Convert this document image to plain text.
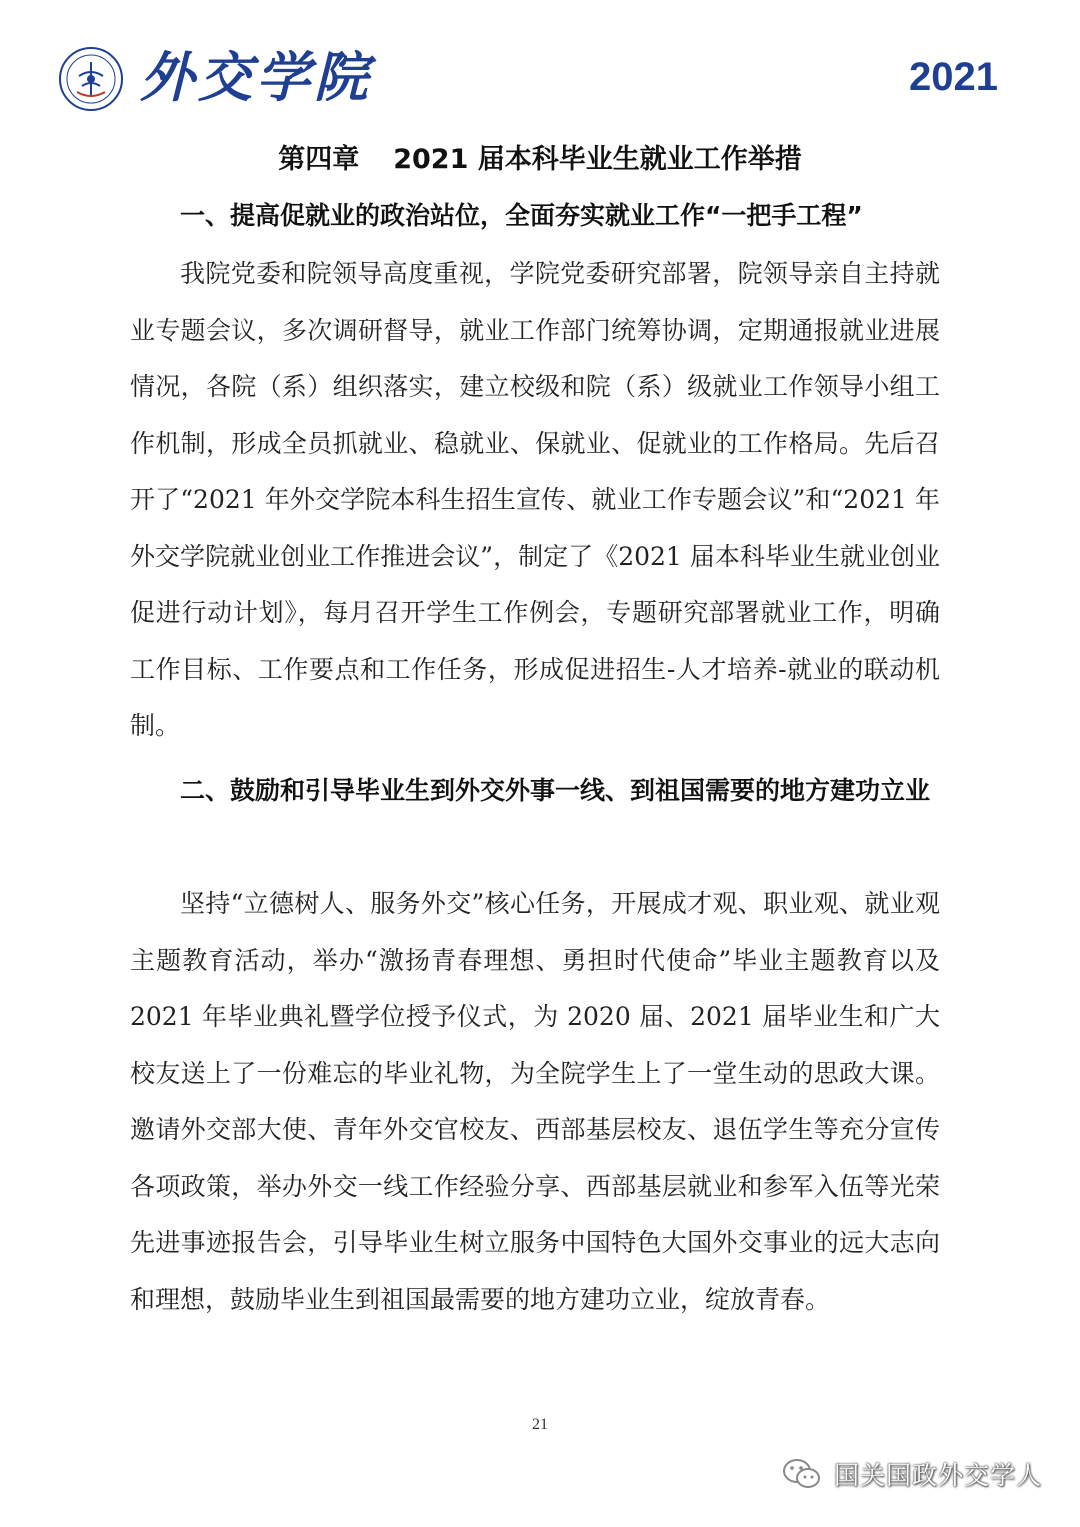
外交学院	2021
第四章 2021 届本科毕业生就业工作举措
一、提高促就业的政治站位，全面夯实就业工作“一把手工程”
我院党委和院领导高度重视，学院党委研究部署，院领导亲自主持就业专题会议，多次调研督导，就业工作部门统筹协调，定期通报就业进展情况，各院（系）组织落实，建立校级和院（系）级就业工作领导小组工作机制，形成全员抓就业、稳就业、保就业、促就业的工作格局。先后召开了“2021 年外交学院本科生招生宣传、就业工作专题会议”和“2021 年外交学院就业创业工作推进会议”，制定了《2021 届本科毕业生就业创业促进行动计划》，每月召开学生工作例会，专题研究部署就业工作，明确工作目标、工作要点和工作任务，形成促进招生-人才培养-就业的联动机制。
二、鼓励和引导毕业生到外交外事一线、到祖国需要的地方建功立业
坚持“立德树人、服务外交”核心任务，开展成才观、职业观、就业观主题教育活动，举办“激扬青春理想、勇担时代使命”毕业主题教育以及 2021 年毕业典礼暨学位授予仪式，为 2020 届、2021 届毕业生和广大校友送上了一份难忘的毕业礼物，为全院学生上了一堂生动的思政大课。邀请外交部大使、青年外交官校友、西部基层校友、退伍学生等充分宣传各项政策，举办外交一线工作经验分享、西部基层就业和参军入伍等光荣先进事迹报告会，引导毕业生树立服务中国特色大国外交事业的远大志向和理想，鼓励毕业生到祖国最需要的地方建功立业，绽放青春。
21
国关国政外交学人
